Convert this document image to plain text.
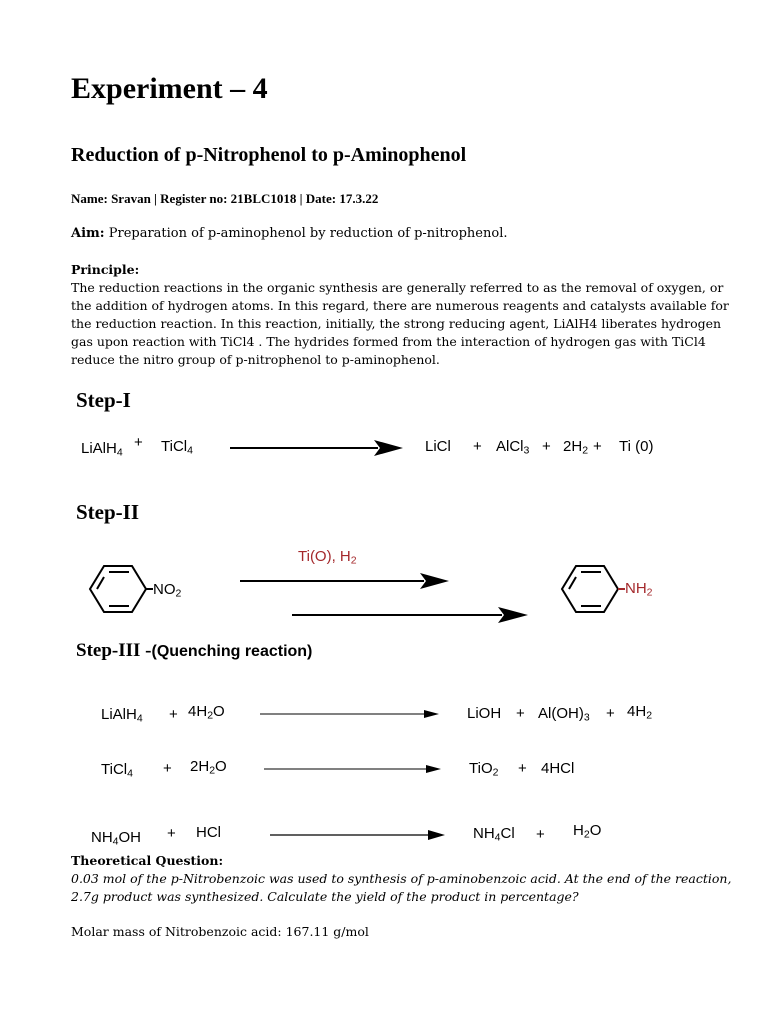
Experiment – 4
Reduction of p-Nitrophenol to p-Aminophenol
Name: Sravan | Register no: 21BLC1018 | Date: 17.3.22
Aim: Preparation of p-aminophenol by reduction of p-nitrophenol.
Principle:
The reduction reactions in the organic synthesis are generally referred to as the removal of oxygen, or
the addition of hydrogen atoms. In this regard, there are numerous reagents and catalysts available for
the reduction reaction. In this reaction, initially, the strong reducing agent, LiAlH4 liberates hydrogen
gas upon reaction with TiCl4 . The hydrides formed from the interaction of hydrogen gas with TiCl4
reduce the nitro group of p-nitrophenol to p-aminophenol.
Step-I
LiAlH$_4$
+ TiCl$_4$	LiCl + AlCl$_3$ + $2H_2 + Ti$ (0)
Step-II
$NO_2$
Ti(O), $H_2$
$NH_2$
Step-III -(Quenching reaction)
LiAlH$_4$ + $4H_2O$	LiOH + $Al(OH)_3 + 4H_2$
TiCl$_4$ + $2H_2O$	TiO$_2$ + 4HCl
$NH_4OH$ + HCl	$NH_4Cl + H_2O$
Theoretical Question:
0.03 mol of the p-Nitrobenzoic was used to synthesis of p-aminobenzoic acid. At the end of the reaction,
2.7g product was synthesized. Calculate the yield of the product in percentage?
Molar mass of Nitrobenzoic acid: 167.11 g/mol
